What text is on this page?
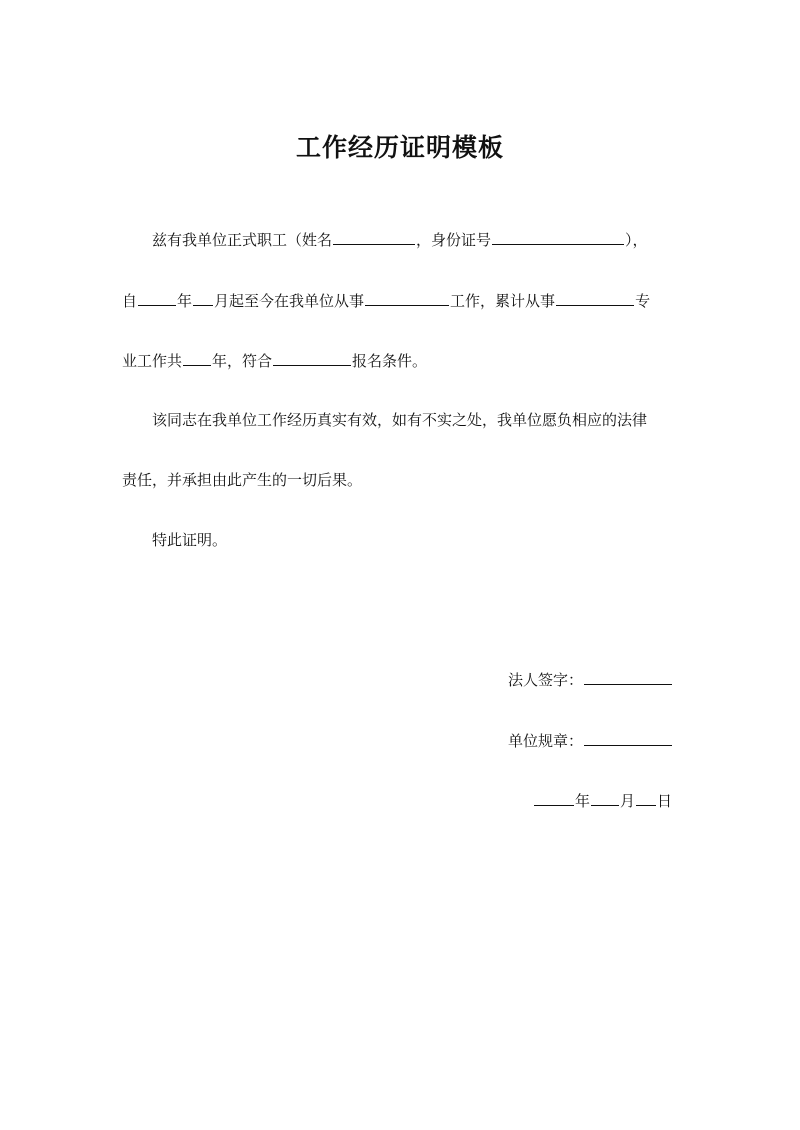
工作经历证明模板
兹有我单位正式职工（姓名	，身份证号	），
自	年 月起至今在我单位从事	工作，累计从事	专
业工作共 年，符合	报名条件。
该同志在我单位工作经历真实有效，如有不实之处，我单位愿负相应的法律
责任，并承担由此产生的一切后果。
特此证明。
法人签字：
单位规章：
年 月 日
